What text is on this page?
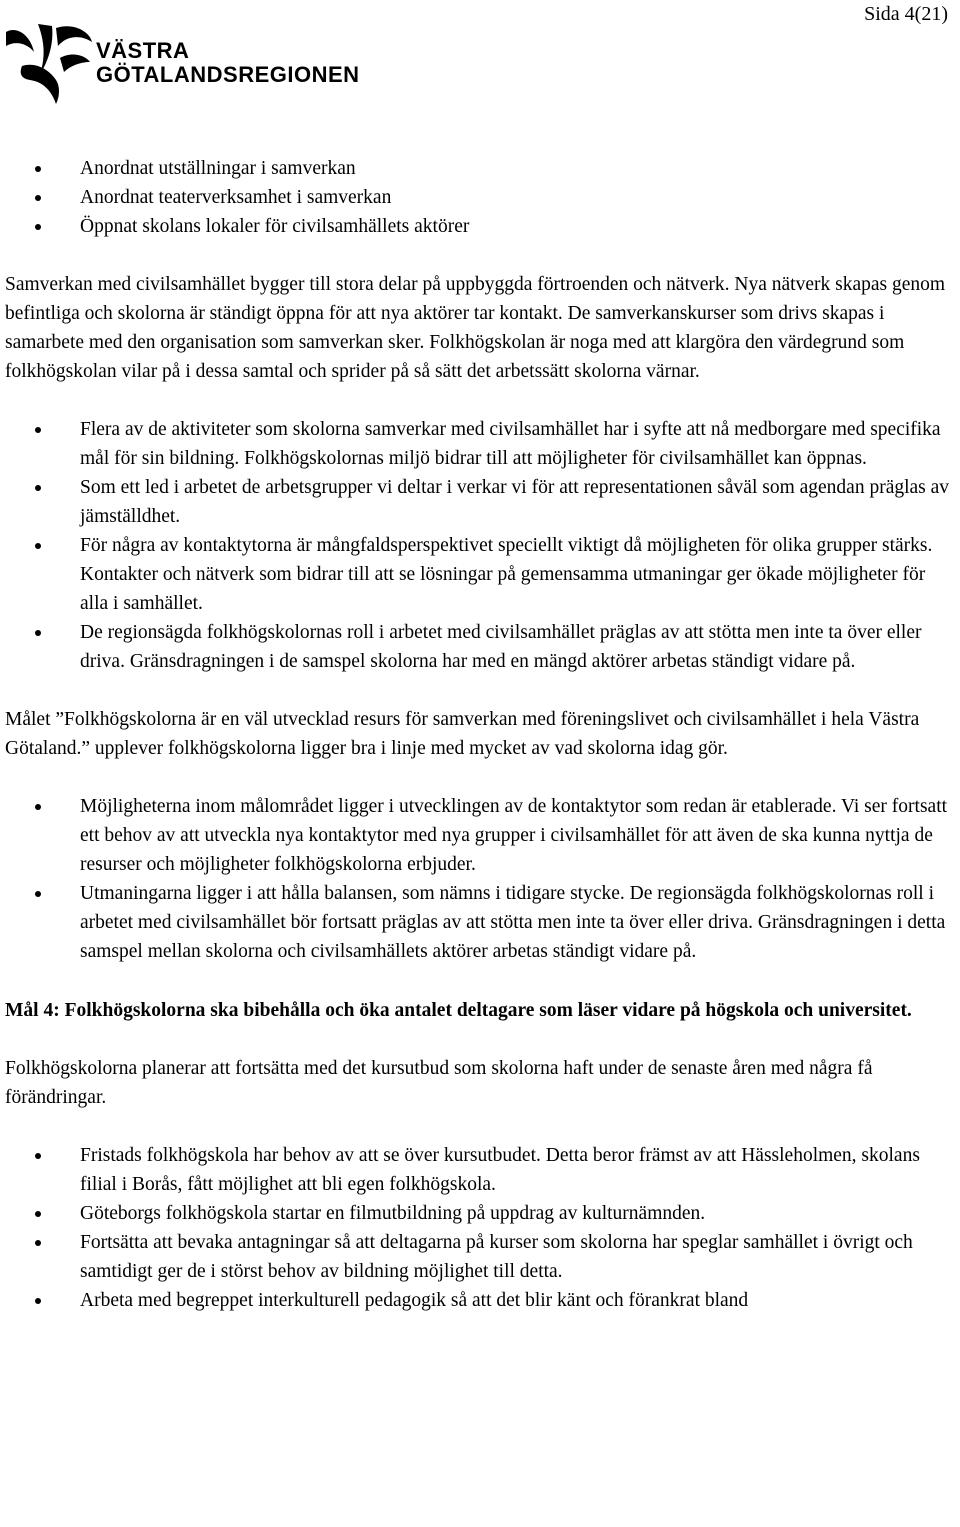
Sida 4(21)
VÄSTRA
GÖTALANDSREGIONEN
Anordnat utställningar i samverkan
Anordnat teaterverksamhet i samverkan
Öppnat skolans lokaler för civilsamhällets aktörer

Samverkan med civilsamhället bygger till stora delar på uppbyggda förtroenden och nätverk. Nya nätverk skapas genom befintliga och skolorna är ständigt öppna för att nya aktörer tar kontakt. De samverkanskurser som drivs skapas i samarbete med den organisation som samverkan sker. Folkhögskolan är noga med att klargöra den värdegrund som folkhögskolan vilar på i dessa samtal och sprider på så sätt det arbetssätt skolorna värnar.

Flera av de aktiviteter som skolorna samverkar med civilsamhället har i syfte att nå medborgare med specifika mål för sin bildning. Folkhögskolornas miljö bidrar till att möjligheter för civilsamhället kan öppnas.
Som ett led i arbetet de arbetsgrupper vi deltar i verkar vi för att representationen såväl som agendan präglas av jämställdhet.
För några av kontaktytorna är mångfaldsperspektivet speciellt viktigt då möjligheten för olika grupper stärks. Kontakter och nätverk som bidrar till att se lösningar på gemensamma utmaningar ger ökade möjligheter för alla i samhället.
De regionsägda folkhögskolornas roll i arbetet med civilsamhället präglas av att stötta men inte ta över eller driva. Gränsdragningen i de samspel skolorna har med en mängd aktörer arbetas ständigt vidare på.

Målet ”Folkhögskolorna är en väl utvecklad resurs för samverkan med föreningslivet och civilsamhället i hela Västra Götaland.” upplever folkhögskolorna ligger bra i linje med mycket av vad skolorna idag gör.

Möjligheterna inom målområdet ligger i utvecklingen av de kontaktytor som redan är etablerade. Vi ser fortsatt ett behov av att utveckla nya kontaktytor med nya grupper i civilsamhället för att även de ska kunna nyttja de resurser och möjligheter folkhögskolorna erbjuder.
Utmaningarna ligger i att hålla balansen, som nämns i tidigare stycke. De regionsägda folkhögskolornas roll i arbetet med civilsamhället bör fortsatt präglas av att stötta men inte ta över eller driva. Gränsdragningen i detta samspel mellan skolorna och civilsamhällets aktörer arbetas ständigt vidare på.

Mål 4: Folkhögskolorna ska bibehålla och öka antalet deltagare som läser vidare på högskola och universitet.

Folkhögskolorna planerar att fortsätta med det kursutbud som skolorna haft under de senaste åren med några få förändringar.

Fristads folkhögskola har behov av att se över kursutbudet. Detta beror främst av att Hässleholmen, skolans filial i Borås, fått möjlighet att bli egen folkhögskola.
Göteborgs folkhögskola startar en filmutbildning på uppdrag av kulturnämnden.
Fortsätta att bevaka antagningar så att deltagarna på kurser som skolorna har speglar samhället i övrigt och samtidigt ger de i störst behov av bildning möjlighet till detta.
Arbeta med begreppet interkulturell pedagogik så att det blir känt och förankrat bland
